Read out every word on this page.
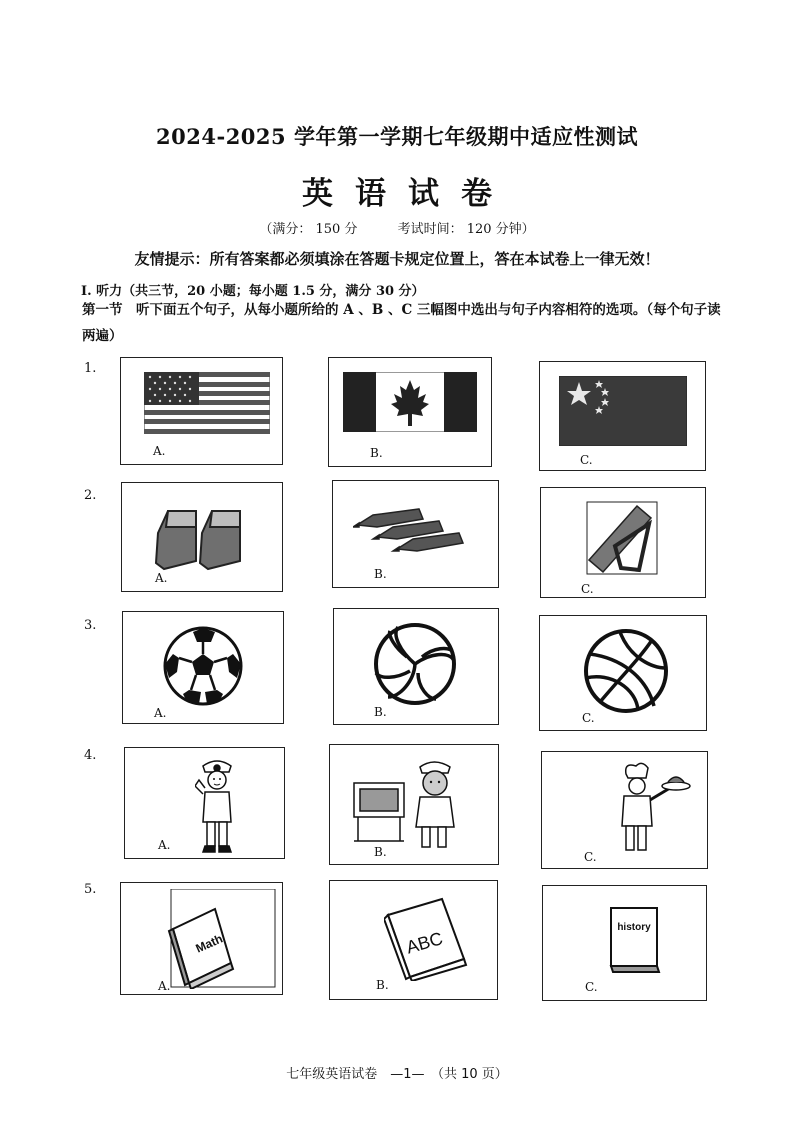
2024-2025 学年第一学期七年级期中适应性测试
英语试卷
（满分： 150 分	考试时间： 120 分钟）
友情提示：所有答案都必须填涂在答题卡规定位置上，答在本试卷上一律无效！
I. 听力（共三节，20 小题；每小题 1.5 分，满分 30 分）
第一节　听下面五个句子，从每小题所给的 A 、B 、C 三幅图中选出与句子内容相符的选项。（每个句子读两遍）
1.
2.
3.
4.
5.
A.	B.	C.
A.	B.
C.
A.	B.	C.
A.	B.	C.
Math
A.
ABC
B.
history
C.
七年级英语试卷　—1—　（共 10 页）
